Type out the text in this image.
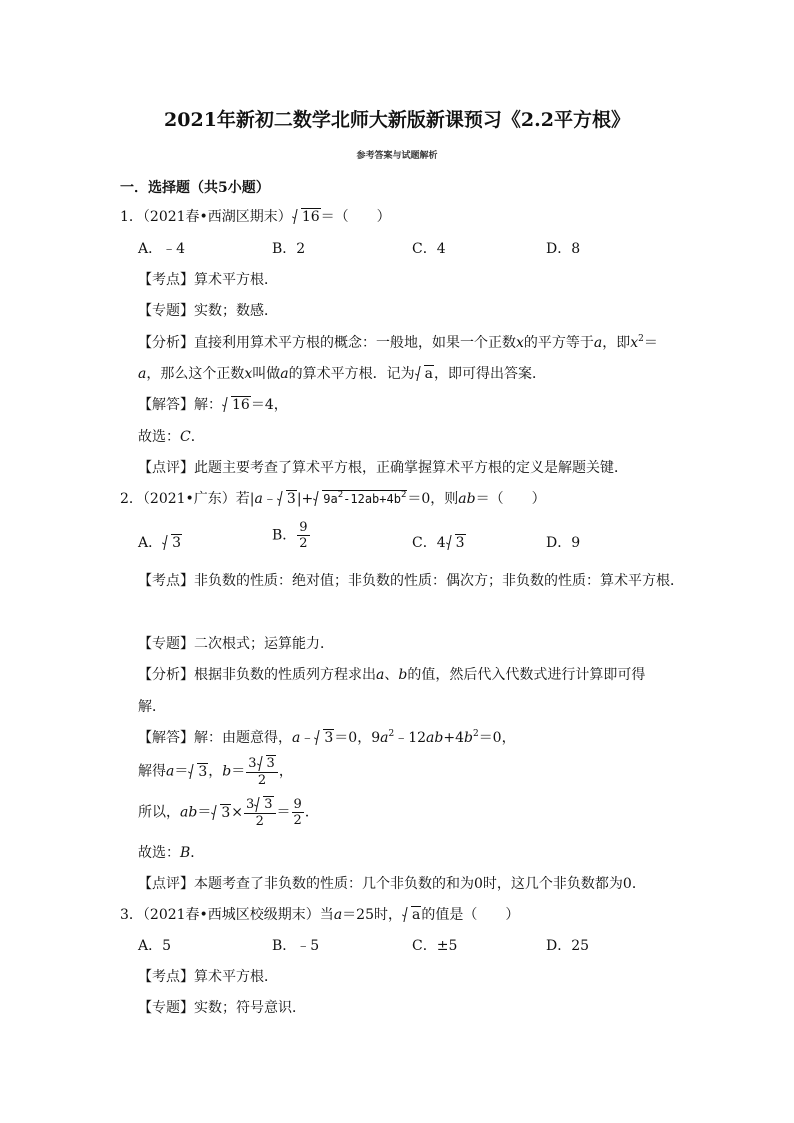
2021年新初二数学北师大新版新课预习《2.2平方根》
参考答案与试题解析
一．选择题（共5小题）
1．（2021春•西湖区期末） 16＝（　　）
A．﹣4	B．2	C．4	D．8
【考点】算术平方根．
【专题】实数；数感．
【分析】直接利用算术平方根的概念：一般地，如果一个正数x的平方等于a，即$x^2=$
a，那么这个正数x叫做a的算术平方根．记为 a，即可得出答案．
【解答】解： 16＝4，
故选：C．
【点评】此题主要考查了算术平方根，正确掌握算术平方根的定义是解题关键．
2．（2021•广东）若|a﹣ $3|+ 9a^2-12ab+4b^2=0$，则ab＝（　　）
A． 3	B． $\frac{9}{2}$	C．4 3	D．9
【考点】非负数的性质：绝对值；非负数的性质：偶次方；非负数的性质：算术平方根．
【专题】二次根式；运算能力．
【分析】根据非负数的性质列方程求出a、b的值，然后代入代数式进行计算即可得
解．
【解答】解：由题意得，a﹣ 3＝0，$9a^2﹣12ab+4b^2=0$，
解得a＝ 3，$b= \frac{3 3}{2}$ ，
所以，$ab= 3\times \frac{3 3}{2} = \frac{9}{2}$ ．
故选：B．
【点评】本题考查了非负数的性质：几个非负数的和为0时，这几个非负数都为0．
3．（2021春•西城区校级期末）当a＝25时， a的值是（　　）
A．5	B．﹣5	C．±5	D．25
【考点】算术平方根．
【专题】实数；符号意识．
